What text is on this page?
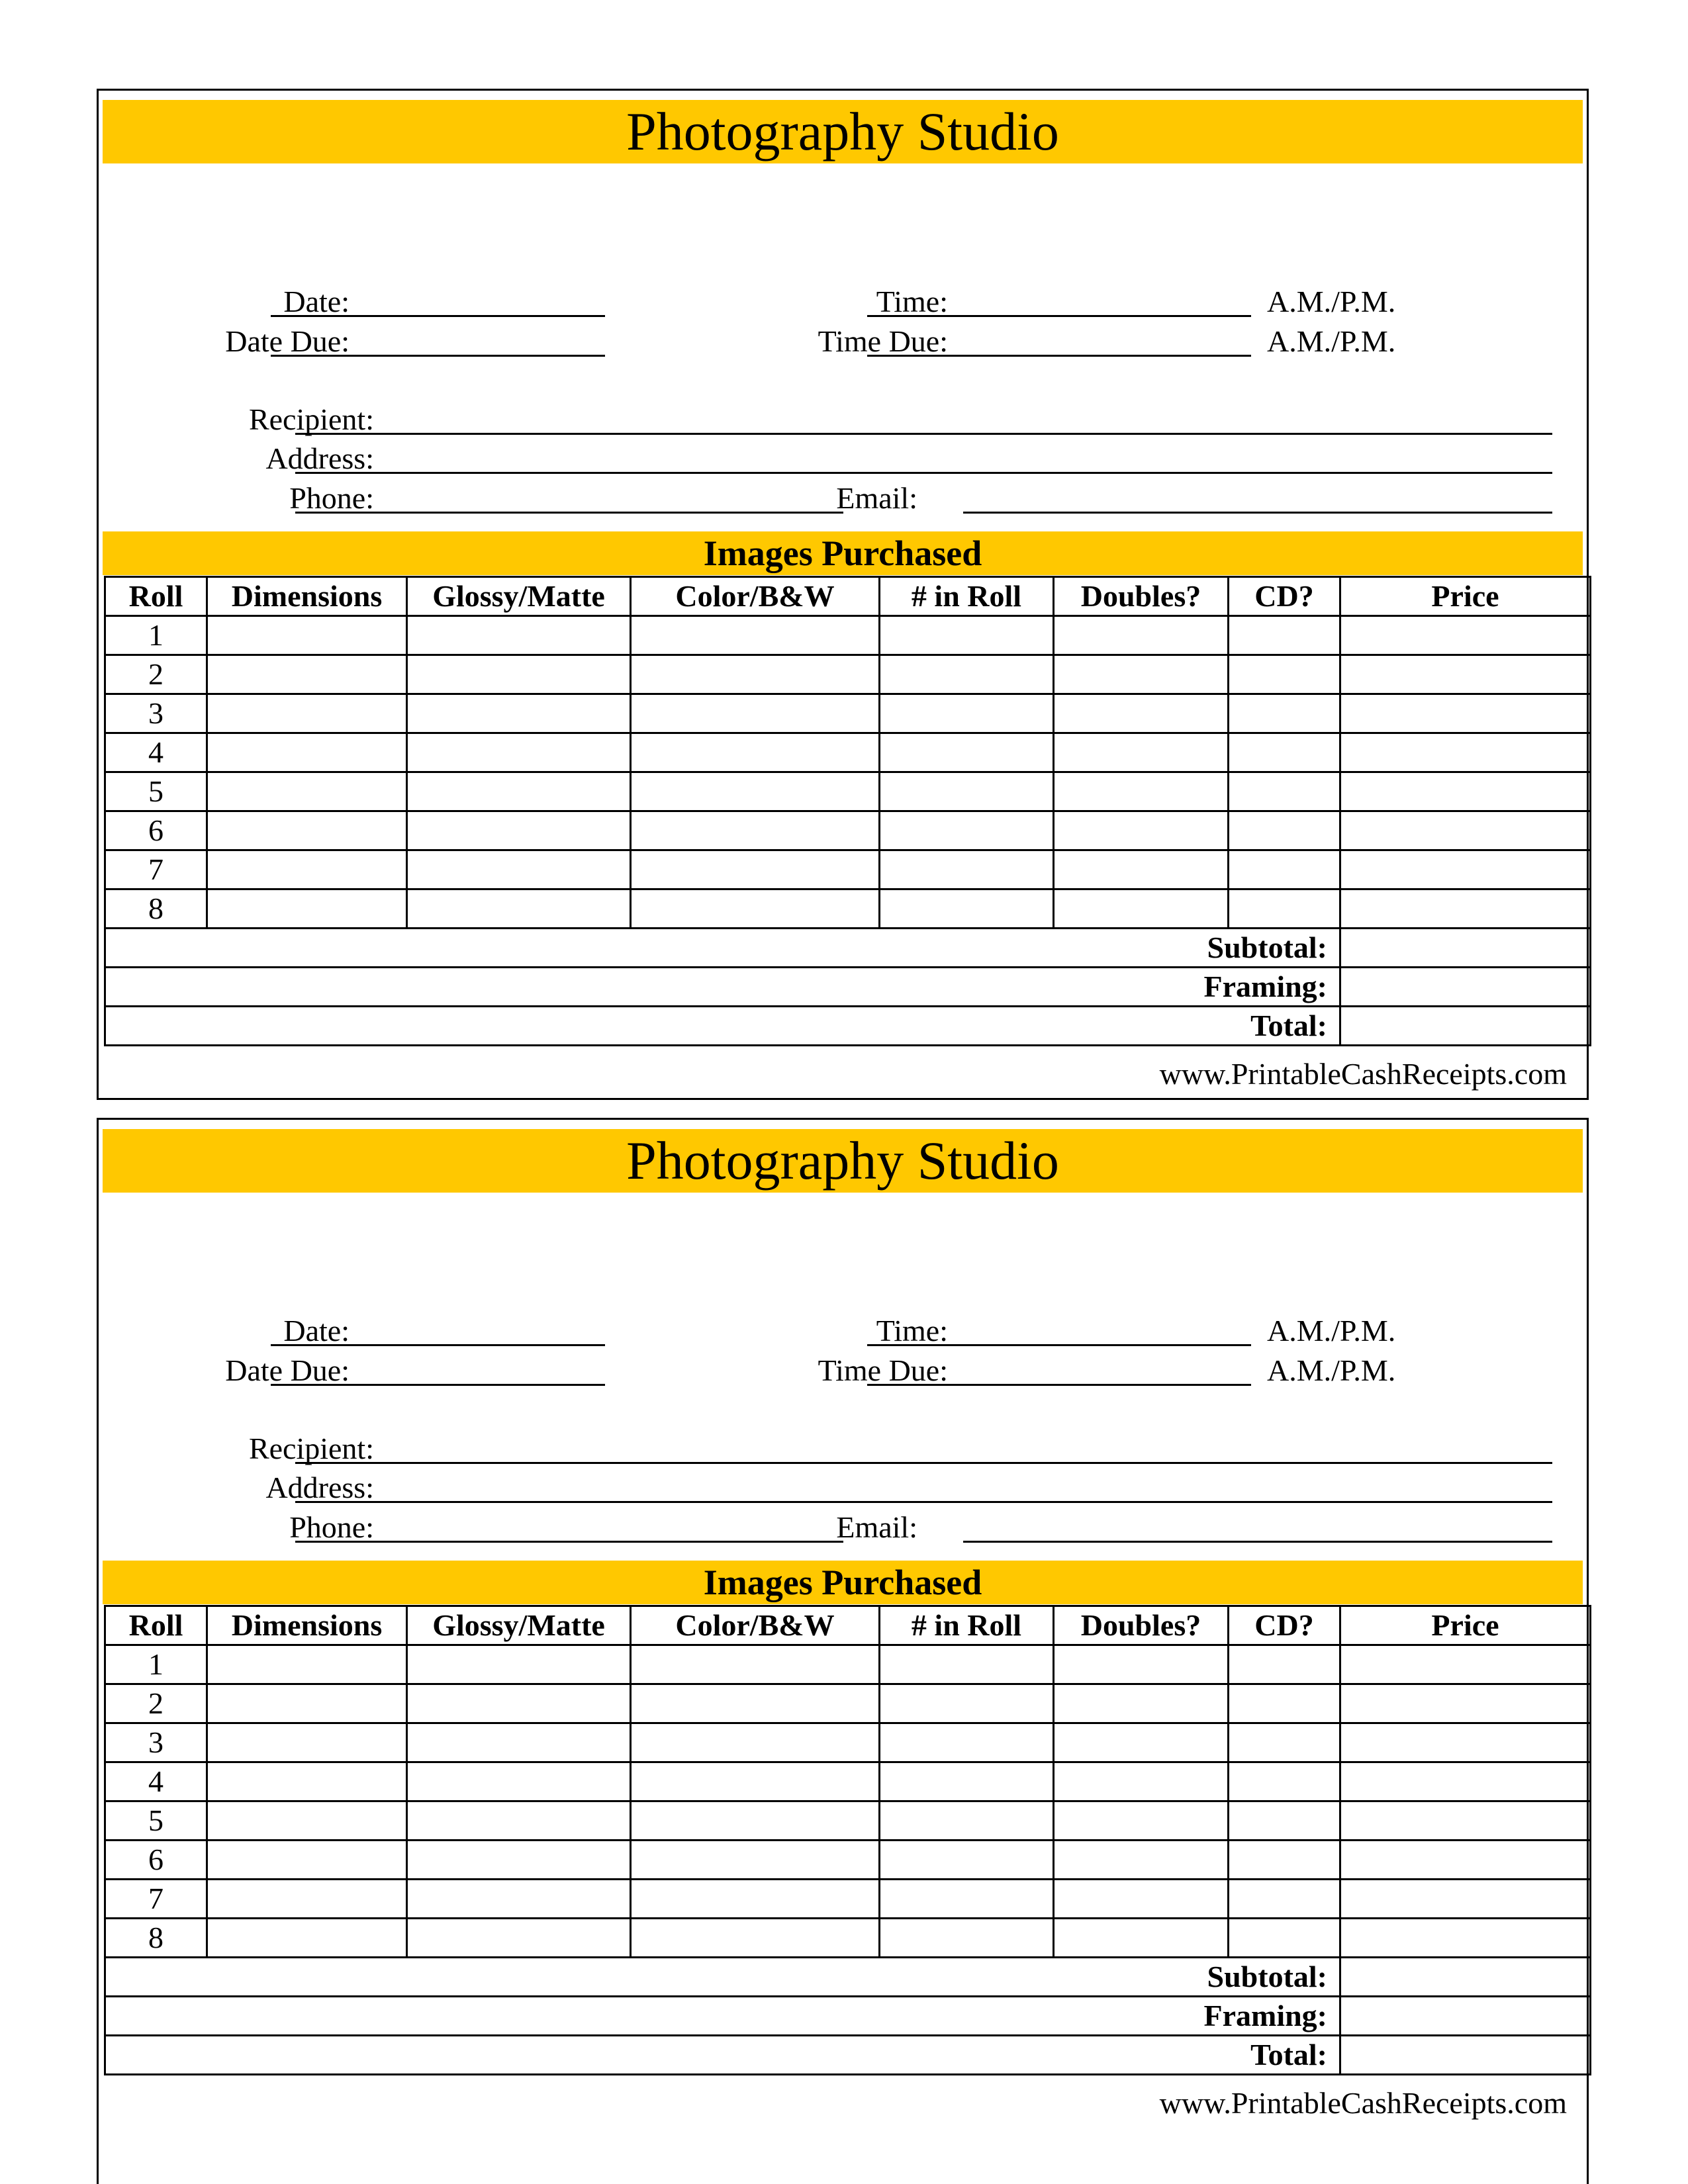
Photography Studio
Date:
Date Due:
Time:	A.M./P.M.
Time Due:	A.M./P.M.
Recipient:
Address:
Phone:	Email:
Images Purchased
Roll	Dimensions	Glossy/Matte	Color/B&W	# in Roll	Doubles?	CD?	Price
1							
2							
3							
4							
5							
6							
7							
8							
Subtotal:							
Framing:							
Total:							
www.PrintableCashReceipts.com
Photography Studio
Date:
Date Due:
Time:	A.M./P.M.
Time Due:	A.M./P.M.
Recipient:
Address:
Phone:	Email:
Images Purchased
Roll	Dimensions	Glossy/Matte	Color/B&W	# in Roll	Doubles?	CD?	Price
1							
2							
3							
4							
5							
6							
7							
8							
Subtotal:							
Framing:							
Total:							
www.PrintableCashReceipts.com
